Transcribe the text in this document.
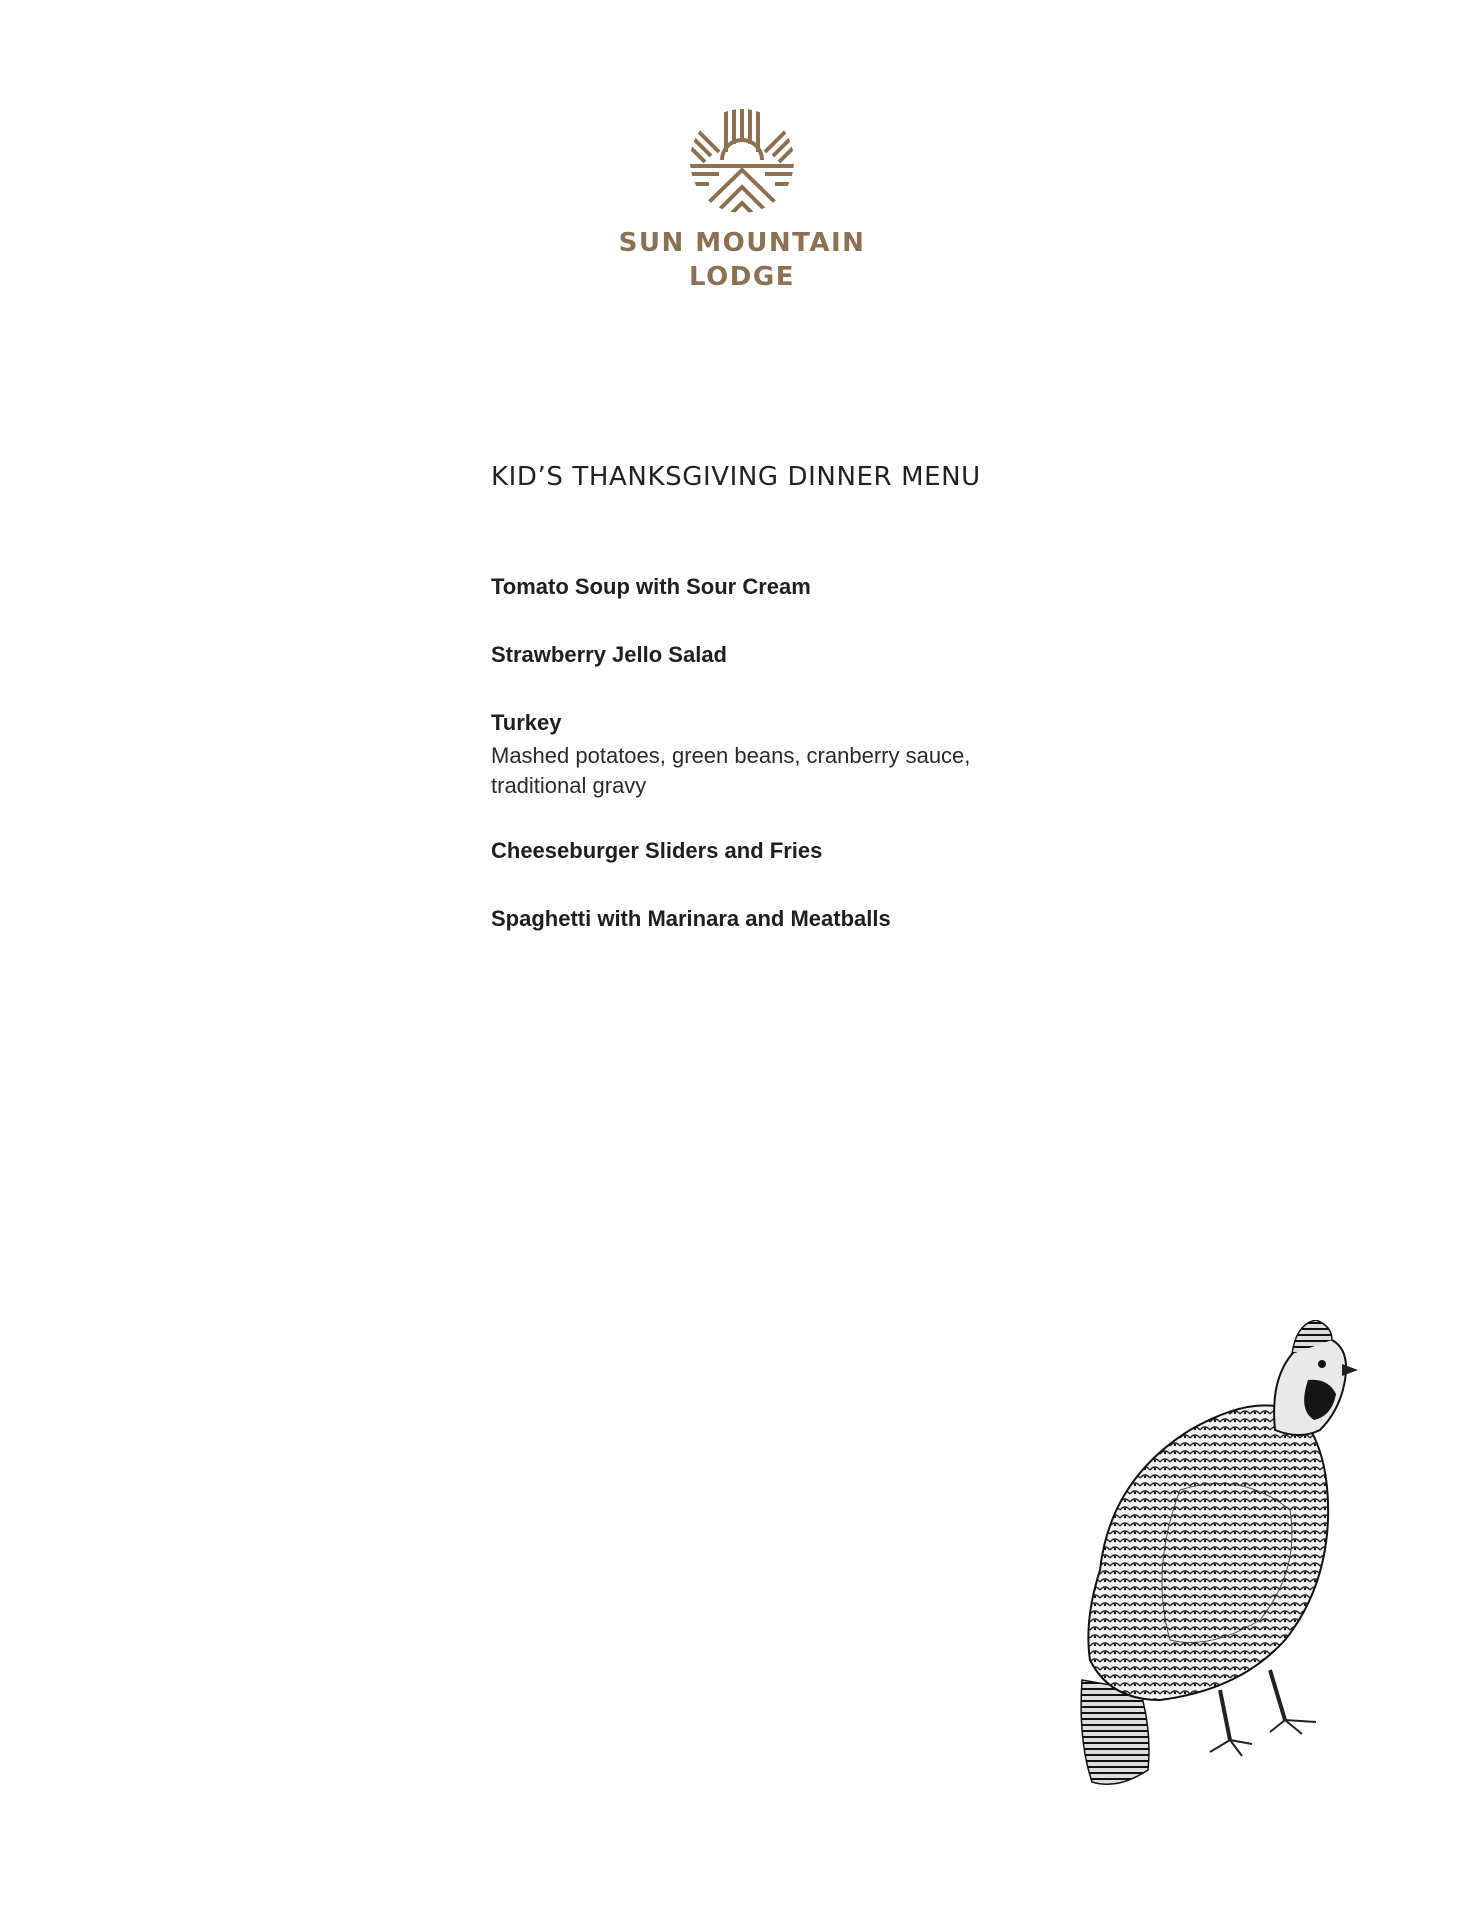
SUN MOUNTAIN
LODGE
KID’S THANKSGIVING DINNER MENU
Tomato Soup with Sour Cream
Strawberry Jello Salad
Turkey
Mashed potatoes, green beans, cranberry sauce, traditional gravy
Cheeseburger Sliders and Fries
Spaghetti with Marinara and Meatballs
